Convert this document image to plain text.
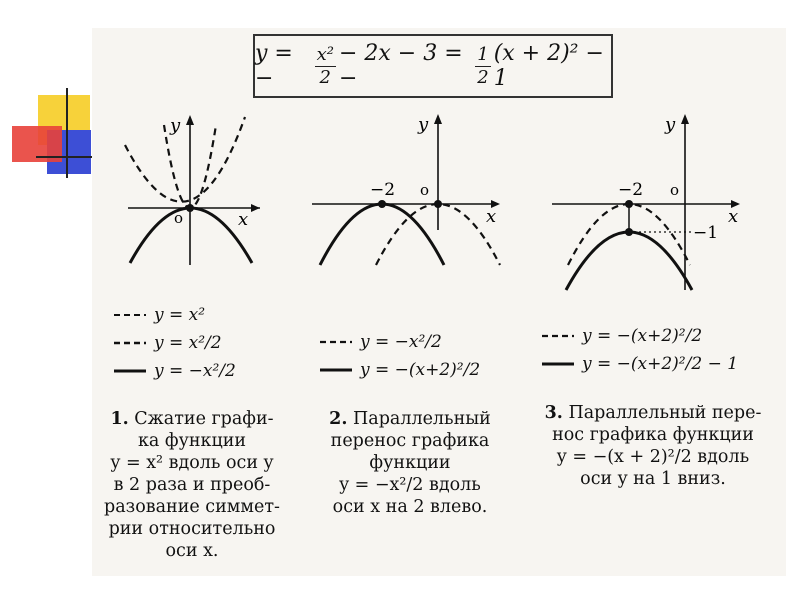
y = −	$\frac{\text{x²}}{2} - 2x - 3$ = −	$\frac{1}{2} (x + 2)^2 - 1$
y
x
o
−2 o
y
x
−2 o
−1
y
x
y = x²
y = x²/2
y = −x²/2
y = −x²/2
y = −(x+2)²/2
y = −(x+2)²/2
y = −(x+2)²/2 − 1
1. Сжатие графи-
ка функции
y = x² вдоль оси y
в 2 раза и преоб-
разование симмет-
рии относительно
оси x.
2. Параллельный
перенос графика
функции
y = −x²/2 вдоль
оси x на 2 влево.
3. Параллельный пере-
нос графика функции
y = −(x + 2)²/2 вдоль
оси y на 1 вниз.
